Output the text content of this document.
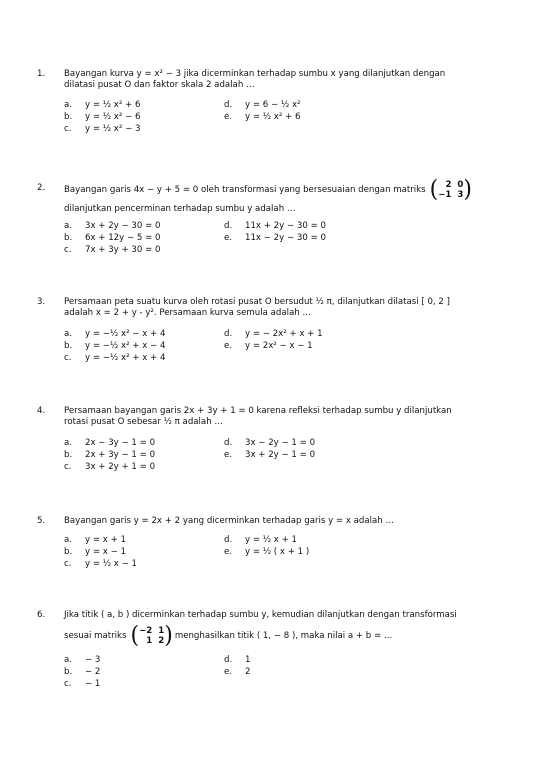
1. Bayangan kurva y = x² − 3 jika dicerminkan terhadap sumbu x yang dilanjutkan dengan
dilatasi pusat O dan faktor skala 2 adalah …
a. y = ½ x² + 6
b. y = ½ x² − 6
c. y = ½ x² − 3
d. y = 6 − ½ x²
e. y = ½ x² + 6
2. Bayangan garis 4x − y + 5 = 0 oleh transformasi yang bersesuaian dengan matriks ( 2 0
−1 3 )
dilanjutkan pencerminan terhadap sumbu y adalah …
a. 3x + 2y − 30 = 0
b. 6x + 12y − 5 = 0
c. 7x + 3y + 30 = 0
d. 11x + 2y − 30 = 0
e. 11x − 2y − 30 = 0
3. Persamaan peta suatu kurva oleh rotasi pusat O bersudut ½ π, dilanjutkan dilatasi [ 0, 2 ]
adalah x = 2 + y - y². Persamaan kurva semula adalah …
a. y = −½ x² − x + 4
b. y = −½ x² + x − 4
c. y = −½ x² + x + 4
d. y = − 2x² + x + 1
e. y = 2x² − x − 1
4. Persamaan bayangan garis 2x + 3y + 1 = 0 karena refleksi terhadap sumbu y dilanjutkan
rotasi pusat O sebesar ½ π adalah …
a. 2x − 3y − 1 = 0
b. 2x + 3y − 1 = 0
c. 3x + 2y + 1 = 0
d. 3x − 2y − 1 = 0
e. 3x + 2y − 1 = 0
5. Bayangan garis y = 2x + 2 yang dicerminkan terhadap garis y = x adalah …
a. y = x + 1
b. y = x − 1
c. y = ½ x − 1
d. y = ½ x + 1
e. y = ½ ( x + 1 )
6. Jika titik ( a, b ) dicerminkan terhadap sumbu y, kemudian dilanjutkan dengan transformasi
sesuai matriks ( −2 1
1 2 ) menghasilkan titik ( 1, − 8 ), maka nilai a + b = …
a. − 3
b. − 2
c. − 1
d. 1
e. 2
